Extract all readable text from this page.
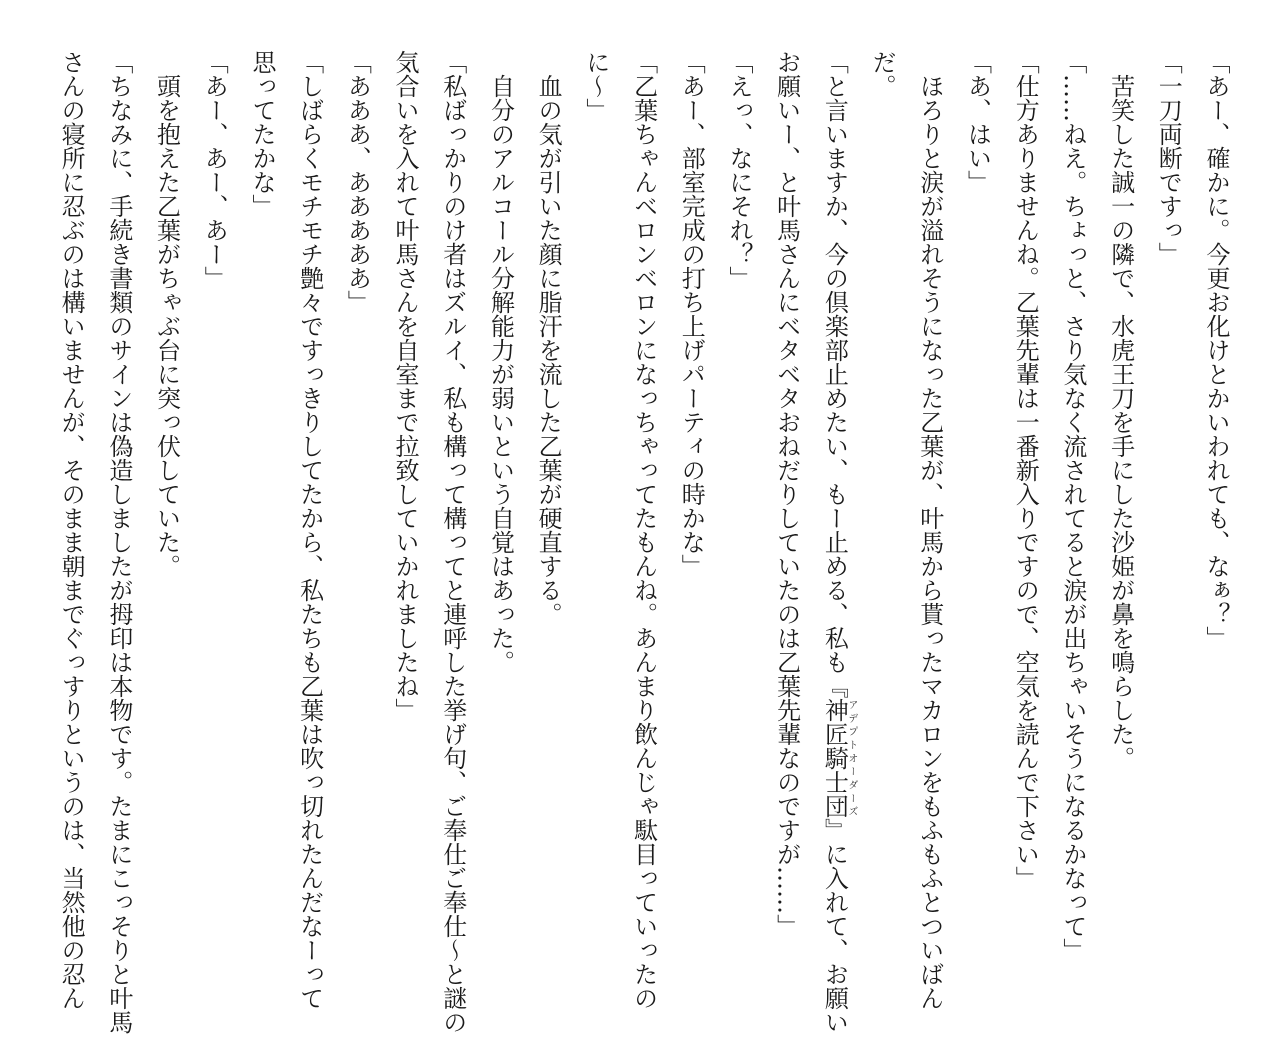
「あー、確かに。今更お化けとかいわれても、なぁ？」
「一刀両断ですっ」
苦笑した誠一の隣で、水虎王刀を手にした沙姫が鼻を鳴らした。
「……ねえ。ちょっと、さり気なく流されてると涙が出ちゃいそうになるかなって」
「仕方ありませんね。乙葉先輩は一番新入りですので、空気を読んで下さい」
「あ、はい」
ほろりと涙が溢れそうになった乙葉が、叶馬から貰ったマカロンをもふもふとついばん
だ。
「と言いますか、今の倶楽部止めたい、もー止める、私も『神匠騎士団アデプトオーダーズ』に入れて、お願い
お願いー、と叶馬さんにベタベタおねだりしていたのは乙葉先輩なのですが……」
「えっ、なにそれ？」
「あー、部室完成の打ち上げパーティの時かな」
「乙葉ちゃんベロンベロンになっちゃってたもんね。あんまり飲んじゃ駄目っていったの
に～」
血の気が引いた顔に脂汗を流した乙葉が硬直する。
自分のアルコール分解能力が弱いという自覚はあった。
「私ばっかりのけ者はズルイ、私も構って構ってと連呼した挙げ句、ご奉仕ご奉仕～と謎の
気合いを入れて叶馬さんを自室まで拉致していかれましたね」
「あああ、あああああ」
「しばらくモチモチ艶々ですっきりしてたから、私たちも乙葉は吹っ切れたんだなーって
思ってたかな」
「あー、あー、あー」
頭を抱えた乙葉がちゃぶ台に突っ伏していた。
「ちなみに、手続き書類のサインは偽造しましたが拇印は本物です。たまにこっそりと叶馬
さんの寝所に忍ぶのは構いませんが、そのまま朝までぐっすりというのは、当然他の忍ん
